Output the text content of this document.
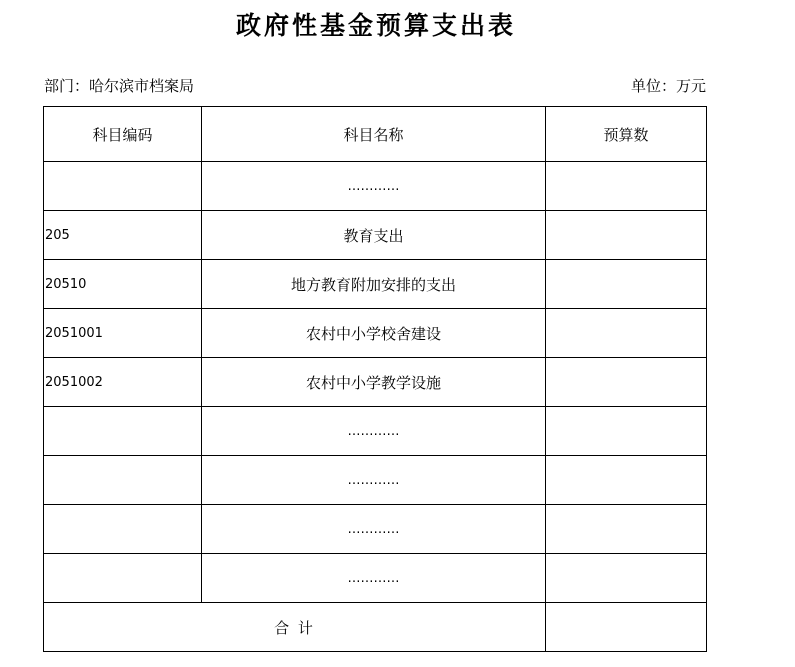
政府性基金预算支出表
部门：哈尔滨市档案局	单位：万元
科目编码	科目名称	预算数
	…………	
205	教育支出	
20510	地方教育附加安排的支出	
2051001	农村中小学校舍建设	
2051002	农村中小学教学设施	
	…………	
	…………	
	…………	
	…………	
合 计		
